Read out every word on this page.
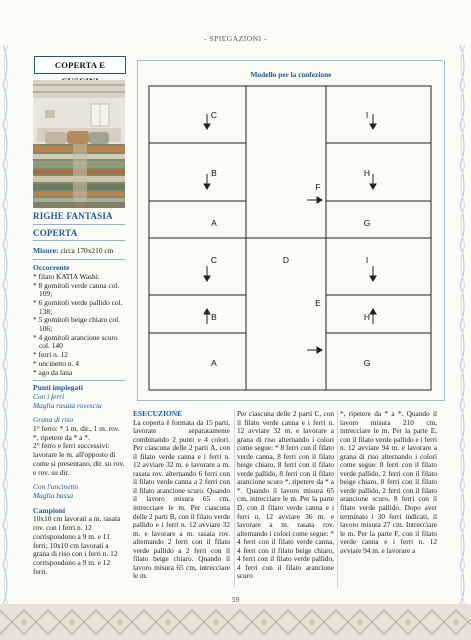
- SPIEGAZIONI -
COPERTA E
RIGHE FANTASIA
COPERTA
Misure: circa 170x210 cm
Occorrente
* filato KATIA Washi:
* 8 gomitoli verde canna col. 109;
* 6 gomitoli verde pallido col. 138;
* 5 gomitoli beige chiaro col. 106;
* 4 gomitoli arancione scuro col. 140
* ferri n. 12
* uncinetto n. 4
* ago da lana
Punti impiegati
Con i ferri
Maglia rasata rovescia
Grana di riso
1° ferro: * 1 m. dir., 1 m. rov. *, ripetere da * a *.
2° ferro e ferri successivi: lavorare le m. all'opposto di come si presentano, dir. su rov. e rov. su dir.
Con l'uncinetto
Maglia bassa
Campioni
10x10 cm lavorati a m. rasata rov. con i ferri n. 12 corrispondono a 9 m. e 11 ferri; 10x10 cm lavorati a grana di riso con i ferri n. 12 corrispondono a 9 m. e 12 ferri.
Modello per la confezione
C
B
A
C
B
A
I
H
G
I
H
G
F
D
E
ESECUZIONE
La coperta è formata da 15 parti, lavorate separatamente combinando 2 punti e 4 colori. Per ciascuna delle 2 parti A, con il filato verde canna e i ferri n. 12 avviare 32 m. e lavorare a m. rasata rov. alternando 6 ferri con il filato verde canna a 2 ferri con il filato arancione scuro. Quando il lavoro misura 65 cm, intrecciare le m. Per ciascuna delle 2 parti B, con il filato verde pallido e i ferri n. 12 avviare 32 m. e lavorare a m. rasata rov. alternando 2 ferri con il filato verde pallido a 2 ferri con il filato beige chiaro. Quando il lavoro misura 65 cm, intrecciare le m.
Per ciascuna delle 2 parti C, con il filato verde canna e i ferri n. 12 avviare 32 m. e lavorare a grana di riso alternando i colori come segue: * 8 ferri con il filato verde canna, 8 ferri con il filato beige chiaro, 8 ferri con il filato verde pallido, 8 ferri con il filato arancione scuro *, ripetere da * a *. Quando il lavoro misura 65 cm, intrecciare le m. Per la parte D, con il filato verde canna e i ferri n. 12 avviare 36 m. e lavorare a m. rasata rov. alternando i colori come segue: * 4 ferri con il filato verde canna, 4 ferri con il filato beige chiaro, 4 ferri con il filato verde pallido, 4 ferri con il filato arancione scuro
*, ripetere da * a *. Quando il lavoro misura 210 cm, intrecciare le m. Per la parte E, con il filato verde pallido e i ferri n. 12 avviare 94 m. e lavorare a grana di riso alternando i colori come segue: 8 ferri con il filato verde pallido, 2 ferri con il filato beige chiaro, 8 ferri con il filato verde pallido, 2 ferri con il filato arancione scuro, 8 ferri con il filato verde pallido. Dopo aver terminato i 30 ferri indicati, il lavoro misura 27 cm. Intrecciare le m. Per la parte F, con il filato verde canna e i ferri n. 12 avviare 94 m. e lavorare a
59
